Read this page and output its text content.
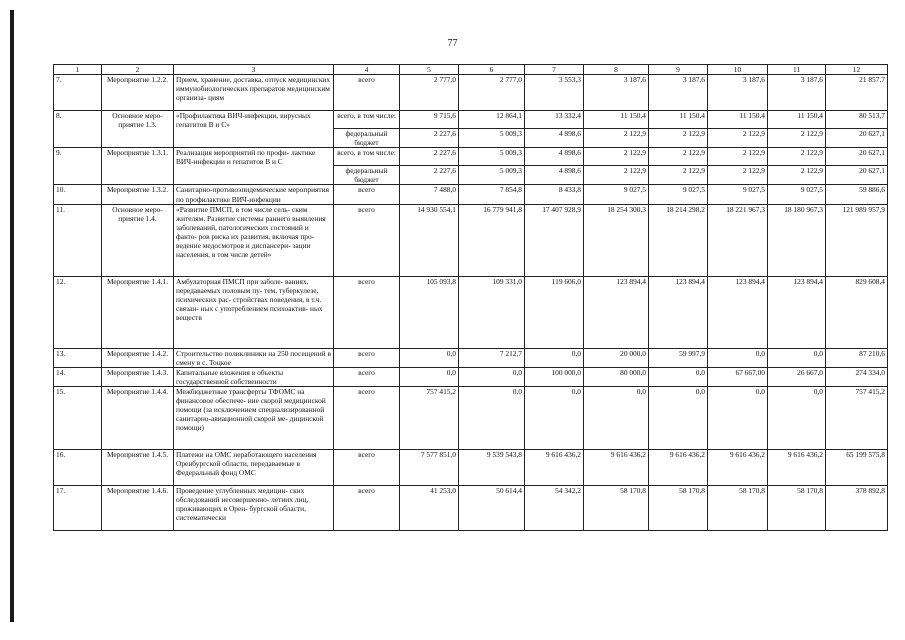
77
1	2	3	4	5	6	7	8	9	10	11	12
7.	Мероприятие 1.2.2.	Прием, хранение, доставка, отпуск медицинских иммунобиологических препаратов медицинским организа- циям	всего	2 777,0	2 777,0	3 553,3	3 187,6	3 187,6	3 187,6	3 187,6	21 857,7
8.	Основное меро- приятие 1.3.	«Профилактика ВИЧ-инфекции, вирусных гепатитов В и С»	всего, в том числе:	9 715,6	12 864,1	13 332,4	11 150,4	11 150,4	11 150,4	11 150,4	80 513,7
			федеральный бюджет	2 227,6	5 009,3	4 898,6	2 122,9	2 122,9	2 122,9	2 122,9	20 627,1
9.	Мероприятие 1.3.1.	Реализация мероприятий по профи- лактике ВИЧ-инфекции и гепатитов В и С	всего, в том числе:	2 227,6	5 009,3	4 898,6	2 122,9	2 122,9	2 122,9	2 122,9	20 627,1
			федеральный бюджет	2 227,6	5 009,3	4 898,6	2 122,9	2 122,9	2 122,9	2 122,9	20 627,1
10.	Мероприятие 1.3.2.	Санитарно-противоэпидемические мероприятия по профилактике ВИЧ-инфекции	всего	7 488,0	7 854,8	8 433,8	9 027,5	9 027,5	9 027,5	9 027,5	59 886,6
11.	Основное меро- приятие 1.4.	«Развитие ПМСП, в том числе сель- ским жителям. Развитие системы раннего выявления заболеваний, патологических состояний и факто- ров риска их развития, включая про- ведение медосмотров и диспансери- зации населения, в том числе детей»	всего	14 930 554,1	16 779 941,8	17 407 928,9	18 254 300,3	18 214 298,2	18 221 967,3	18 180 967,3	121 989 957,9
12.	Мероприятие 1.4.1.	Амбулаторная ПМСП при заболе- ваниях, передаваемых половым пу- тем, туберкулезе, психических рас- стройствах поведения, в т.ч. связан- ных с употреблением психоактив- ных веществ	всего	105 093,8	109 331,0	119 606,0	123 894,4	123 894,4	123 894,4	123 894,4	829 608,4
13.	Мероприятие 1.4.2.	Строительство поликлиники на 250 посещений в смену в с. Тоцкое	всего	0,0	7 212,7	0,0	20 000,0	59 997,9	0,0	0,0	87 210,6
14.	Мероприятие 1.4.3.	Капитальные вложения в объекты государственной собственности	всего	0,0	0,0	100 000,0	80 000,0	0,0	67 667,00	26 667,0	274 334,0
15.	Мероприятие 1.4.4.	Межбюджетные трансферты ТФОМС на финансовое обеспече- ние скорой медицинской помощи (за исключением специализированной санитарно-авиационной скорой ме- дицинской помощи)	всего	757 415,2	0,0	0,0	0,0	0,0	0,0	0,0	757 415,2
16.	Мероприятие 1.4.5.	Платежи на ОМС неработающего населения Оренбургской области, передаваемые в Федеральный фонд ОМС	всего	7 577 851,0	9 539 543,8	9 616 436,2	9 616 436,2	9 616 436,2	9 616 436,2	9 616 436,2	65 199 575,8
17.	Мероприятие 1.4.6.	Проведение углубленных медицин- ских обследований несовершенно- летних лиц, проживающих в Орен- бургской области, систематически	всего	41 253,0	50 614,4	54 342,2	58 170,8	58 170,8	58 170,8	58 170,8	378 892,8
